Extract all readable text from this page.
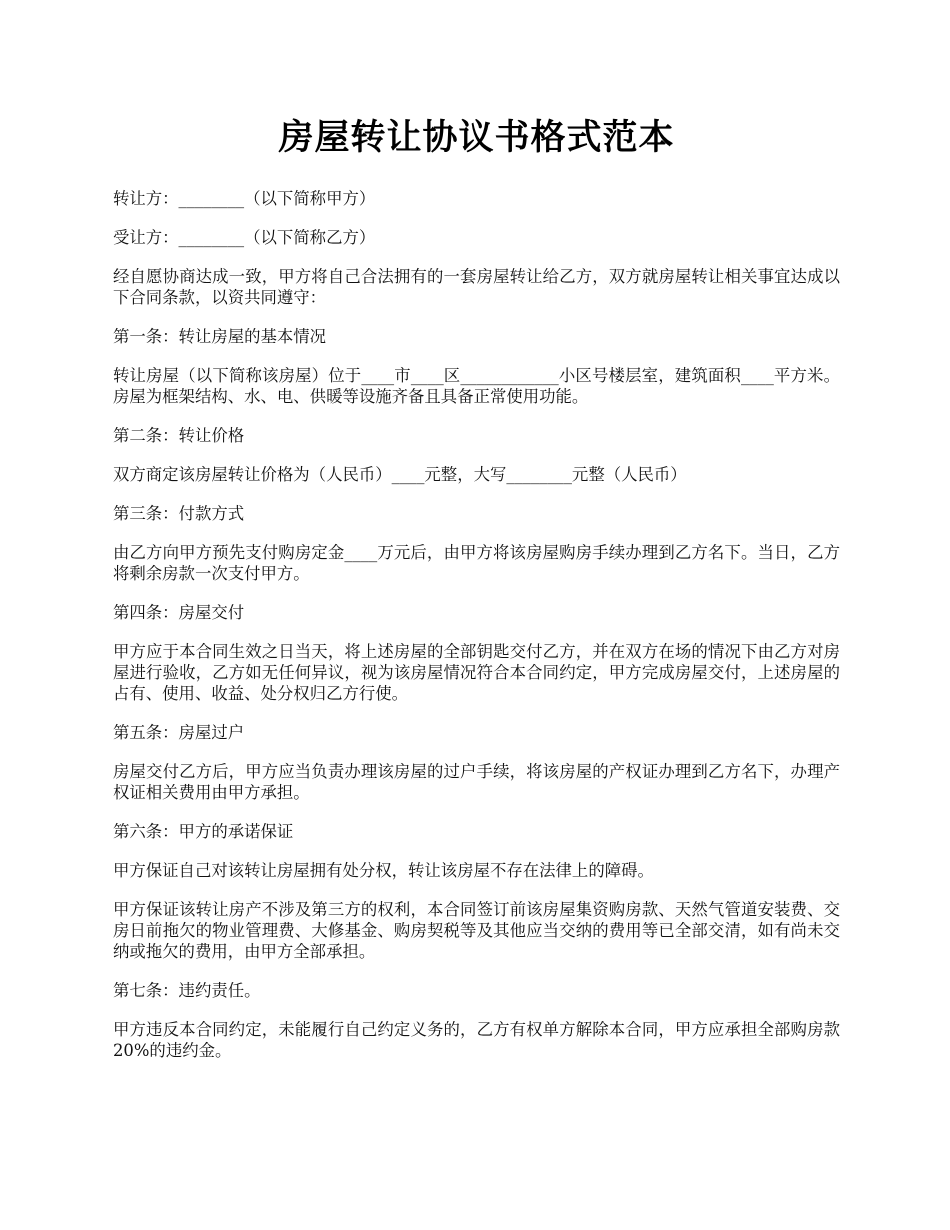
房屋转让协议书格式范本

转让方：________（以下简称甲方）

受让方：________（以下简称乙方）

经自愿协商达成一致，甲方将自己合法拥有的一套房屋转让给乙方，双方就房屋转让相关事宜达成以下合同条款，以资共同遵守：

第一条：转让房屋的基本情况

转让房屋（以下简称该房屋）位于____市____区____________小区号楼层室，建筑面积____平方米。房屋为框架结构、水、电、供暖等设施齐备且具备正常使用功能。

第二条：转让价格

双方商定该房屋转让价格为（人民币）____元整，大写________元整（人民币）

第三条：付款方式

由乙方向甲方预先支付购房定金____万元后，由甲方将该房屋购房手续办理到乙方名下。当日，乙方将剩余房款一次支付甲方。

第四条：房屋交付

甲方应于本合同生效之日当天，将上述房屋的全部钥匙交付乙方，并在双方在场的情况下由乙方对房屋进行验收，乙方如无任何异议，视为该房屋情况符合本合同约定，甲方完成房屋交付，上述房屋的占有、使用、收益、处分权归乙方行使。

第五条：房屋过户

房屋交付乙方后，甲方应当负责办理该房屋的过户手续，将该房屋的产权证办理到乙方名下，办理产权证相关费用由甲方承担。

第六条：甲方的承诺保证

甲方保证自己对该转让房屋拥有处分权，转让该房屋不存在法律上的障碍。

甲方保证该转让房产不涉及第三方的权利，本合同签订前该房屋集资购房款、天然气管道安装费、交房日前拖欠的物业管理费、大修基金、购房契税等及其他应当交纳的费用等已全部交清，如有尚未交纳或拖欠的费用，由甲方全部承担。

第七条：违约责任。

甲方违反本合同约定，未能履行自己约定义务的，乙方有权单方解除本合同，甲方应承担全部购房款20%的违约金。
